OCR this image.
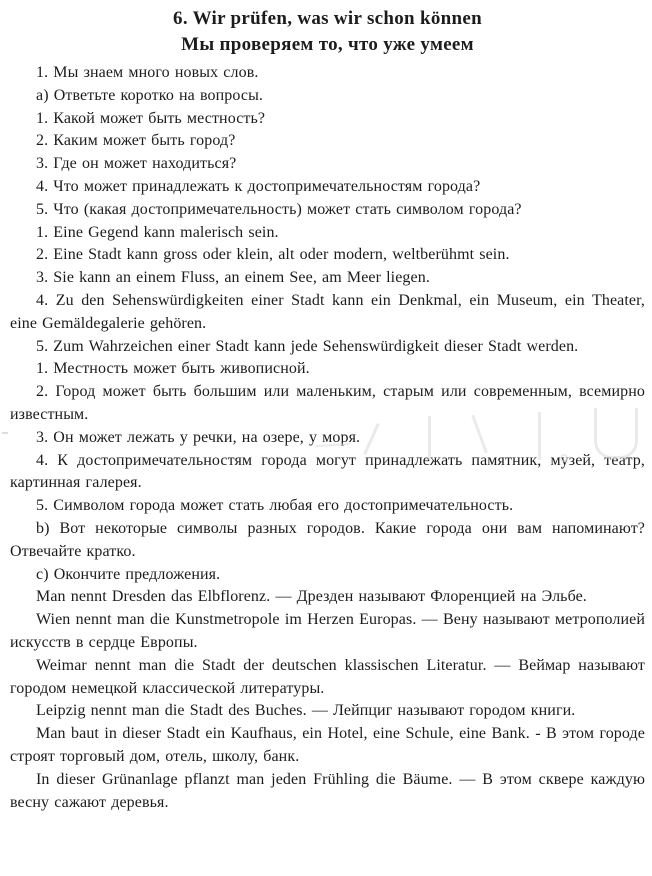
6. Wir prüfen, was wir schon können
Мы проверяем то, что уже умеем

1. Мы знаем много новых слов.

a) Ответьте коротко на вопросы.

1. Какой может быть местность?

2. Каким может быть город?

3. Где он может находиться?

4. Что может принадлежать к достопримечательностям города?

5. Что (какая достопримечательность) может стать символом города?

1. Eine Gegend kann malerisch sein.

2. Eine Stadt kann gross oder klein, alt oder modern, weltberühmt sein.

3. Sie kann an einem Fluss, an einem See, am Meer liegen.

4. Zu den Sehenswürdigkeiten einer Stadt kann ein Denkmal, ein Museum, ein Theater, eine Gemäldegalerie gehören.

5. Zum Wahrzeichen einer Stadt kann jede Sehenswürdigkeit dieser Stadt werden.

1. Местность может быть живописной.

2. Город может быть большим или маленьким, старым или современным, всемирно известным.

3. Он может лежать у речки, на озере, у моря.

4. К достопримечательностям города могут принадлежать памятник, музей, театр, картинная галерея.

5. Символом города может стать любая его достопримечательность.

b) Вот некоторые символы разных городов. Какие города они вам напоминают? Отвечайте кратко.

c) Окончите предложения.

Man nennt Dresden das Elbflorenz. — Дрезден называют Флоренцией на Эльбе.

Wien nennt man die Kunstmetropole im Herzen Europas. — Вену называют метрополией искусств в сердце Европы.

Weimar nennt man die Stadt der deutschen klassischen Literatur. — Веймар называют городом немецкой классической литературы.

Leipzig nennt man die Stadt des Buches. — Лейпциг называют городом книги.

Man baut in dieser Stadt ein Kaufhaus, ein Hotel, eine Schule, eine Bank. - В этом городе строят торговый дом, отель, школу, банк.

In dieser Grünanlage pflanzt man jeden Frühling die Bäume. — В этом сквере каждую весну сажают деревья.
